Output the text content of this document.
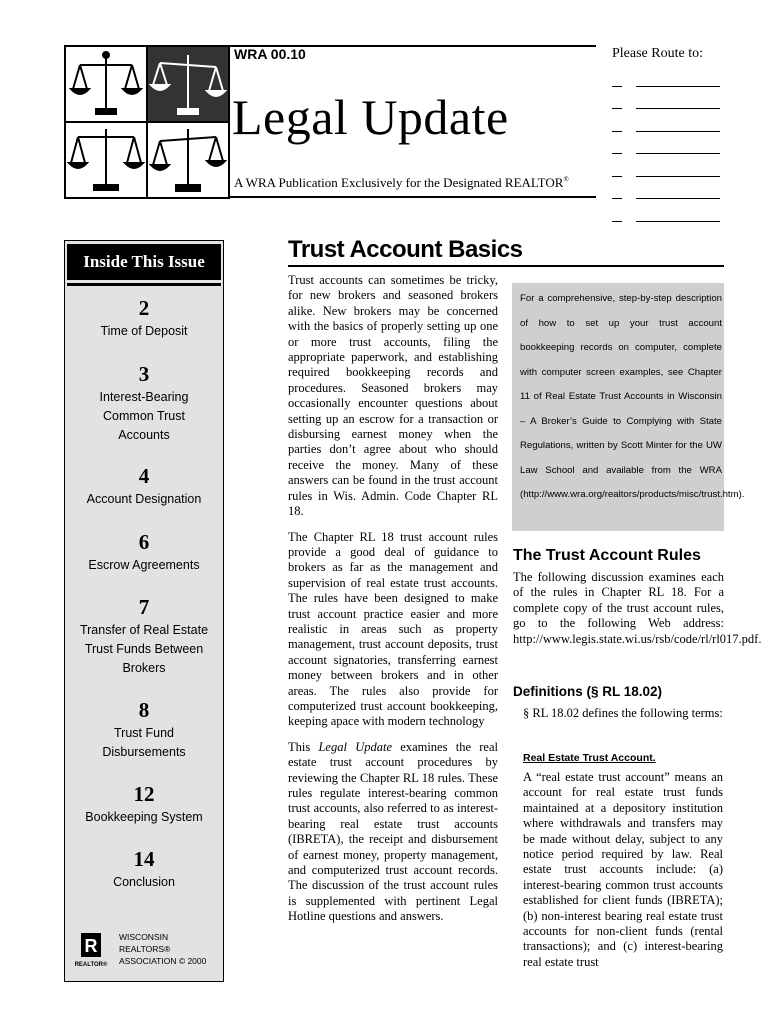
WRA 00.10
Legal Update
A WRA Publication Exclusively for the Designated REALTOR®
Please Route to:
Inside This Issue
2
Time of Deposit
3
Interest-Bearing Common Trust Accounts
4
Account Designation
6
Escrow Agreements
7
Transfer of Real Estate Trust Funds Between Brokers
8
Trust Fund Disbursements
12
Bookkeeping System
14
Conclusion
R
REALTOR®
WISCONSIN
REALTORS®
ASSOCIATION © 2000
Trust Account Basics

Trust accounts can sometimes be tricky, for new brokers and seasoned brokers alike. New brokers may be concerned with the basics of properly setting up one or more trust accounts, filing the appropriate paperwork, and establishing required bookkeeping records and procedures. Seasoned brokers may occasionally encounter questions about setting up an escrow for a transaction or disbursing earnest money when the parties don’t agree about who should receive the money. Many of these answers can be found in the trust account rules in Wis. Admin. Code Chapter RL 18.

The Chapter RL 18 trust account rules provide a good deal of guidance to brokers as far as the management and supervision of real estate trust accounts. The rules have been designed to make trust account practice easier and more realistic in areas such as property management, trust account deposits, trust account signatories, transferring earnest money between brokers and in other areas. The rules also provide for computerized trust account bookkeeping, keeping apace with modern technology

This Legal Update examines the real estate trust account procedures by reviewing the Chapter RL 18 rules. These rules regulate interest-bearing common trust accounts, also referred to as interest-bearing real estate trust accounts (IBRETA), the receipt and disbursement of earnest money, property management, and computerized trust account records. The discussion of the trust account rules is supplemented with pertinent Legal Hotline questions and answers.

For a comprehensive, step-by-step description of how to set up your trust account bookkeeping records on computer, complete with computer screen examples, see Chapter 11 of Real Estate Trust Accounts in Wisconsin – A Broker’s Guide to Complying with State Regulations, written by Scott Minter for the UW Law School and available from the WRA (http://www.wra.org/realtors/products/misc/trust.htm).
The Trust Account Rules
The following discussion examines each of the rules in Chapter RL 18. For a complete copy of the trust account rules, go to the following Web address: http://www.legis.state.wi.us/rsb/code/rl/rl017.pdf.
Definitions (§ RL 18.02)
§ RL 18.02 defines the following terms:
Real Estate Trust Account.
A “real estate trust account” means an account for real estate trust funds maintained at a depository institution where withdrawals and transfers may be made without delay, subject to any notice period required by law. Real estate trust accounts include: (a) interest-bearing common trust accounts established for client funds (IBRETA); (b) non-interest bearing real estate trust accounts for non-client funds (rental transactions); and (c) interest-bearing real estate trust
